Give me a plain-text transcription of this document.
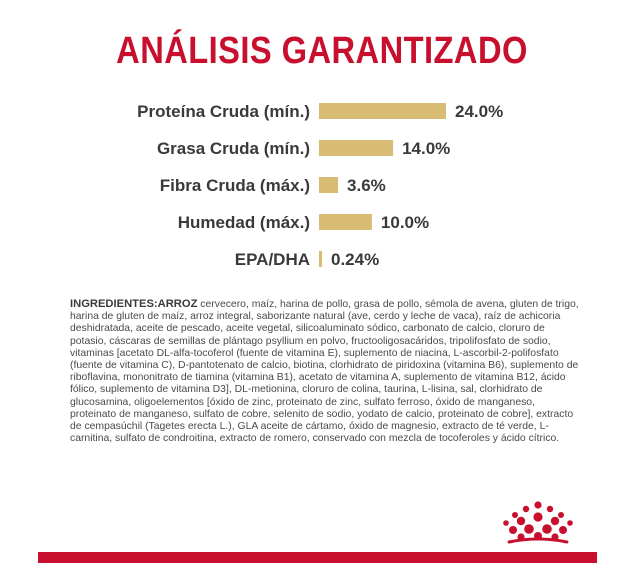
ANÁLISIS GARANTIZADO
Proteína Cruda (mín.)	24.0%
Grasa Cruda (mín.)	14.0%
Fibra Cruda (máx.) 3.6%
Humedad (máx.)	10.0%
EPA/DHA 0.24%
INGREDIENTES:ARROZ cervecero, maíz, harina de pollo, grasa de pollo, sémola de avena, gluten de trigo, harina de gluten de maíz, arroz integral, saborizante natural (ave, cerdo y leche de vaca), raíz de achicoria deshidratada, aceite de pescado, aceite vegetal, silicoaluminato sódico, carbonato de calcio, cloruro de potasio, cáscaras de semillas de plántago psyllium en polvo, fructooligosacáridos, tripolifosfato de sodio, vitaminas [acetato DL-alfa-tocoferol (fuente de vitamina E), suplemento de niacina, L-ascorbil-2-polifosfato (fuente de vitamina C), D-pantotenato de calcio, biotina, clorhidrato de piridoxina (vitamina B6), suplemento de riboflavina, mononitrato de tiamina (vitamina B1), acetato de vitamina A, suplemento de vitamina B12, ácido fólico, suplemento de vitamina D3], DL-metionina, cloruro de colina, taurina, L-lisina, sal, clorhidrato de glucosamina, oligoelementos [óxido de zinc, proteinato de zinc, sulfato ferroso, óxido de manganeso, proteinato de manganeso, sulfato de cobre, selenito de sodio, yodato de calcio, proteinato de cobre], extracto de cempasúchil (Tagetes erecta L.), GLA aceite de cártamo, óxido de magnesio, extracto de té verde, L-carnitina, sulfato de condroitina, extracto de romero, conservado con mezcla de tocoferoles y ácido cítrico.
